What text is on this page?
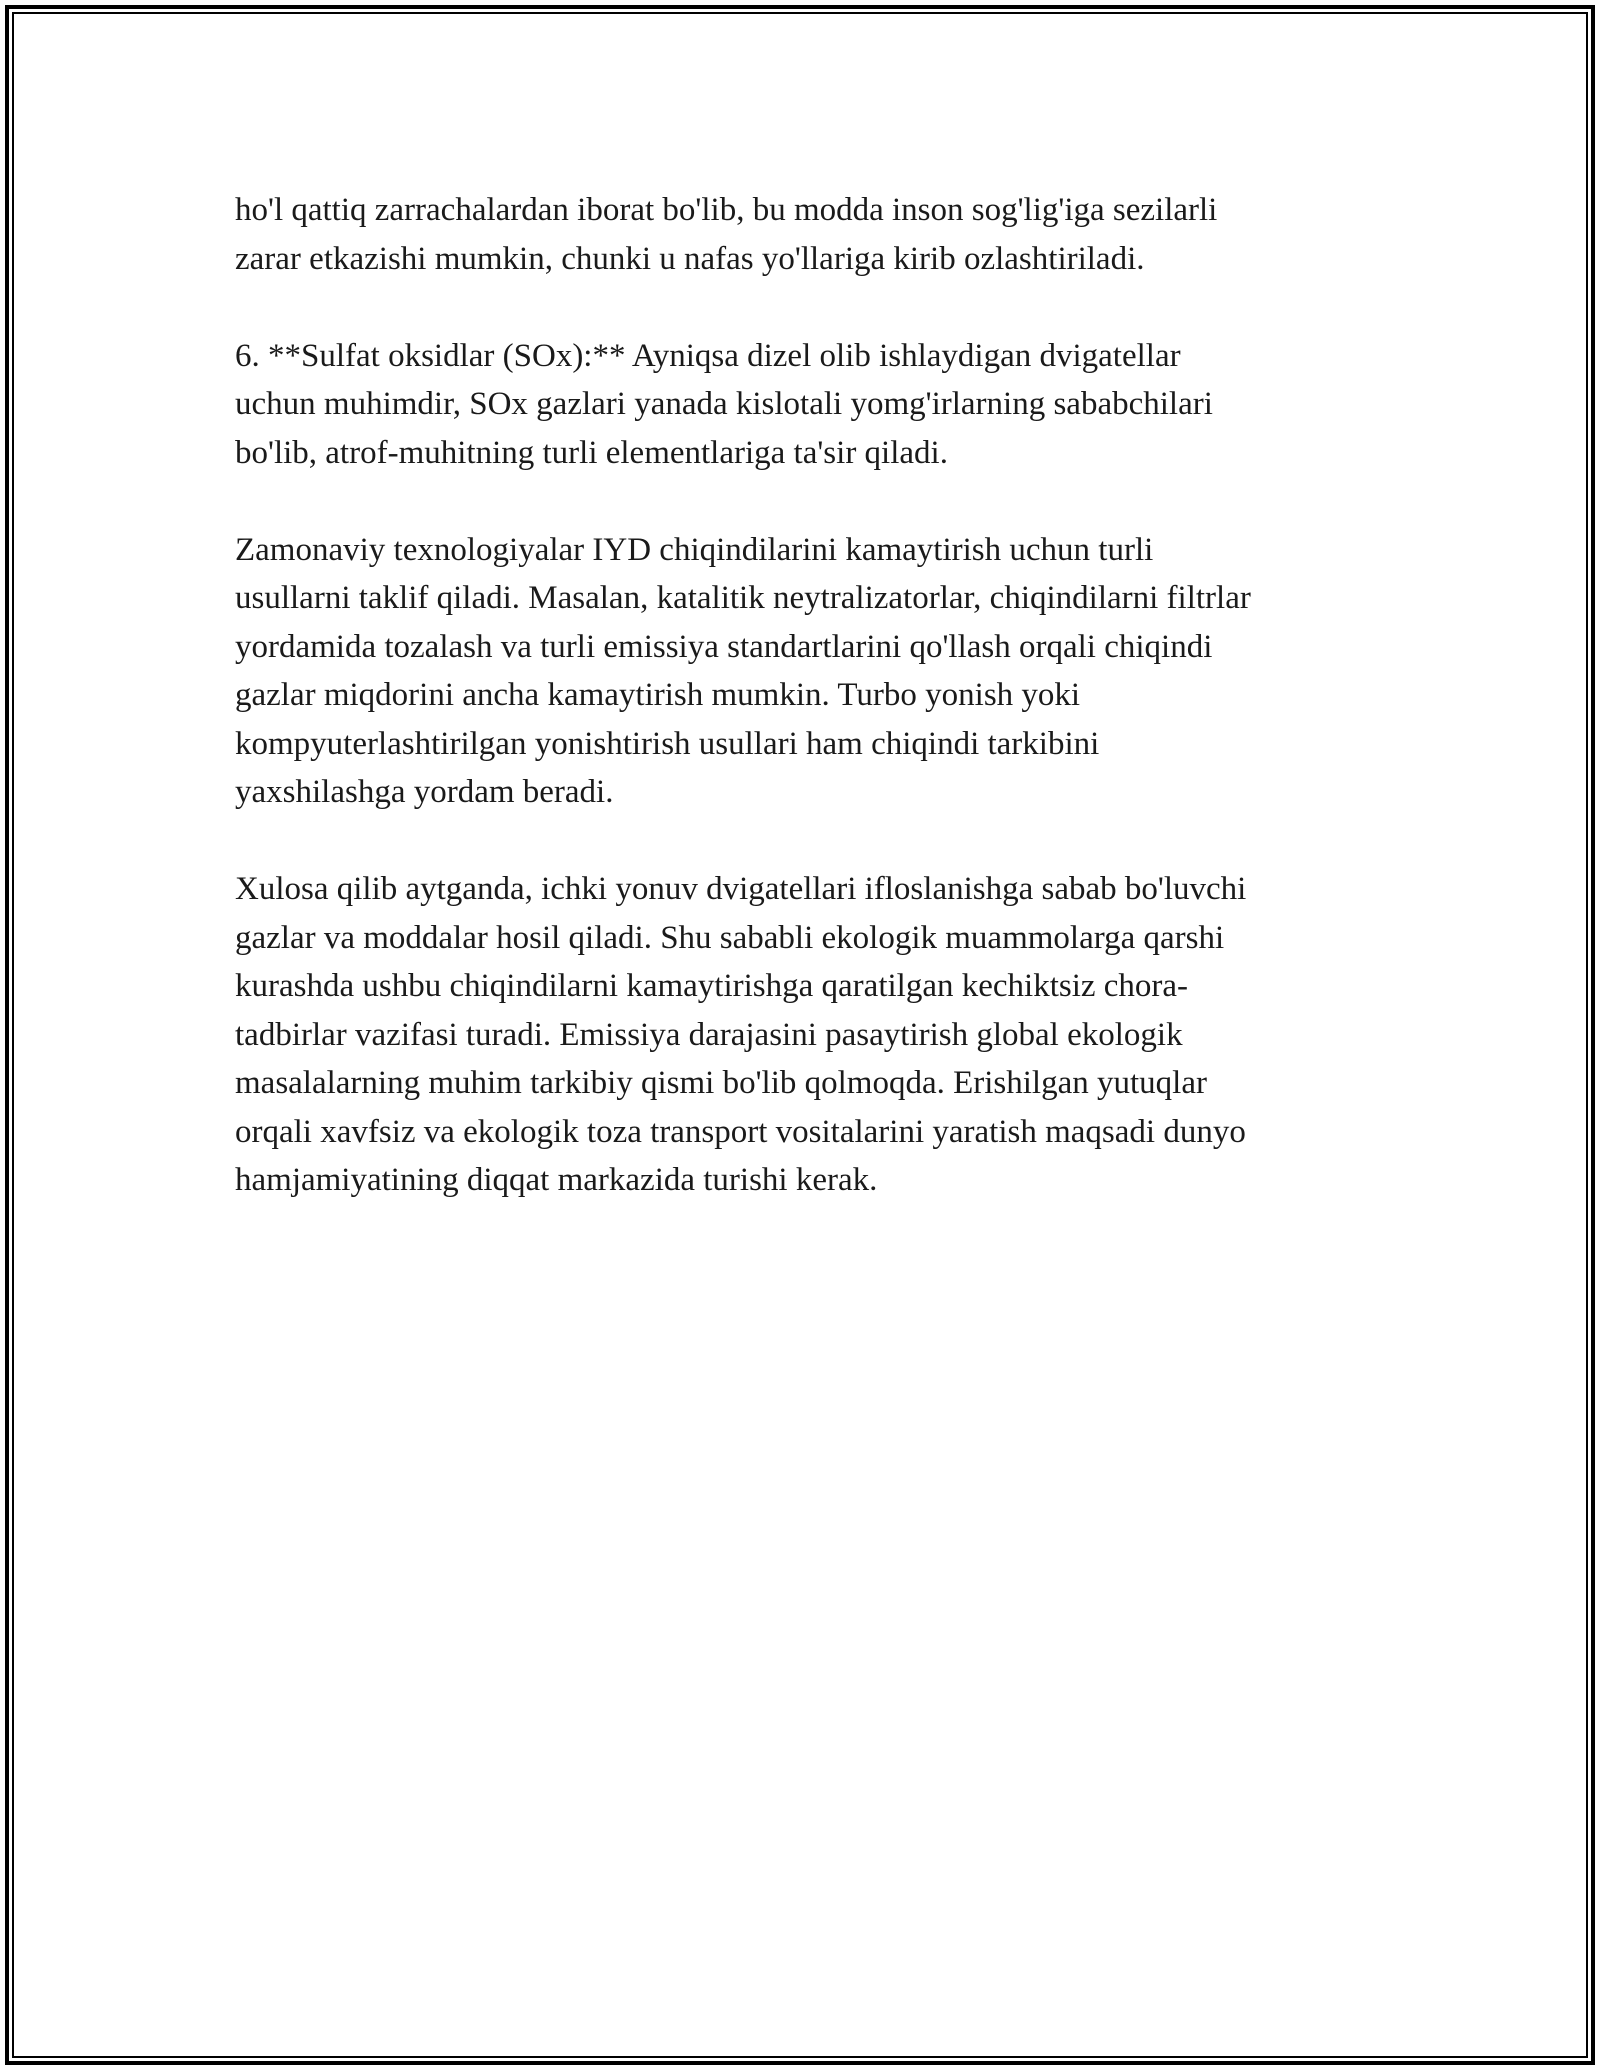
ho'l qattiq zarrachalardan iborat bo'lib, bu modda inson sog'lig'iga sezilarli
zarar etkazishi mumkin, chunki u nafas yo'llariga kirib ozlashtiriladi.

6. **Sulfat oksidlar (SOx):** Ayniqsa dizel olib ishlaydigan dvigatellar
uchun muhimdir, SOx gazlari yanada kislotali yomg'irlarning sababchilari
bo'lib, atrof-muhitning turli elementlariga ta'sir qiladi.

Zamonaviy texnologiyalar IYD chiqindilarini kamaytirish uchun turli
usullarni taklif qiladi. Masalan, katalitik neytralizatorlar, chiqindilarni filtrlar
yordamida tozalash va turli emissiya standartlarini qo'llash orqali chiqindi
gazlar miqdorini ancha kamaytirish mumkin. Turbo yonish yoki
kompyuterlashtirilgan yonishtirish usullari ham chiqindi tarkibini
yaxshilashga yordam beradi.

Xulosa qilib aytganda, ichki yonuv dvigatellari ifloslanishga sabab bo'luvchi
gazlar va moddalar hosil qiladi. Shu sababli ekologik muammolarga qarshi
kurashda ushbu chiqindilarni kamaytirishga qaratilgan kechiktsiz chora-
tadbirlar vazifasi turadi. Emissiya darajasini pasaytirish global ekologik
masalalarning muhim tarkibiy qismi bo'lib qolmoqda. Erishilgan yutuqlar
orqali xavfsiz va ekologik toza transport vositalarini yaratish maqsadi dunyo
hamjamiyatining diqqat markazida turishi kerak.
